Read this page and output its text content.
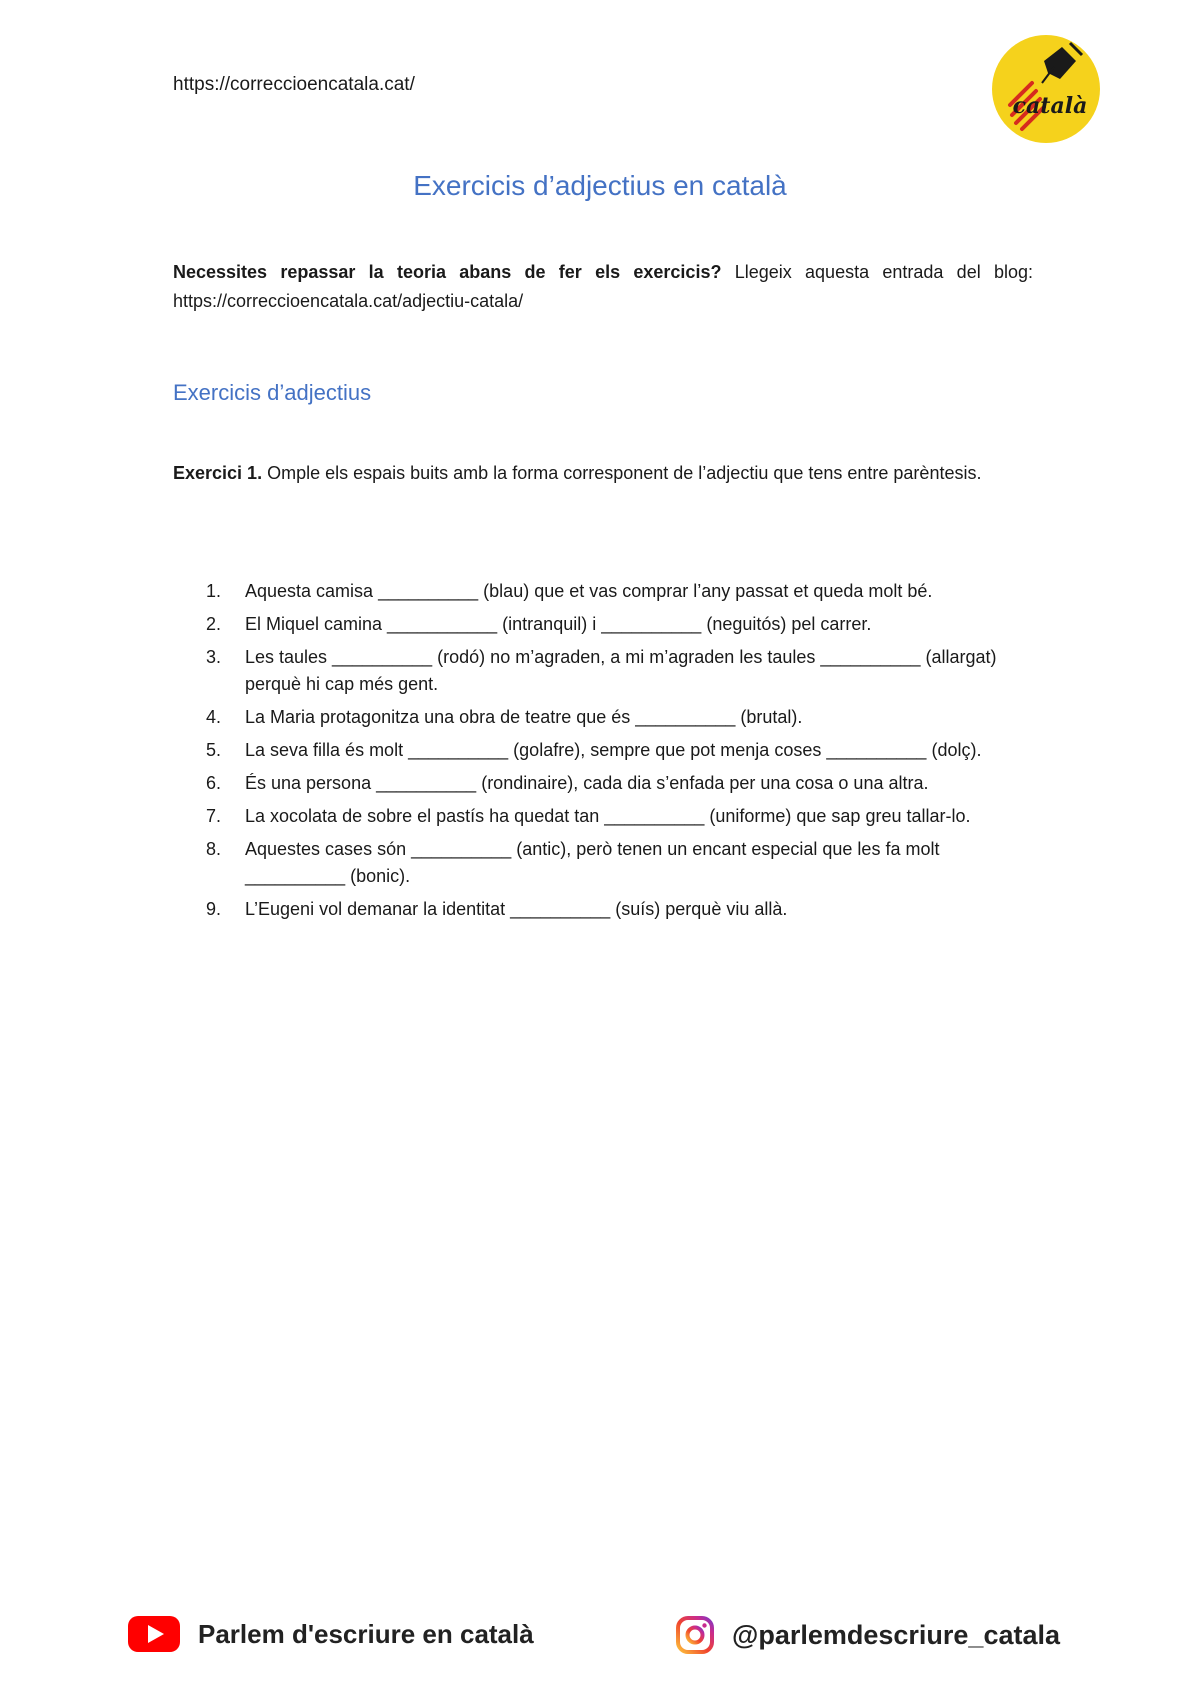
https://correccioencatala.cat/
català
Exercicis d’adjectius en català
Necessites repassar la teoria abans de fer els exercicis? Llegeix aquesta entrada del blog: https://correccioencatala.cat/adjectiu-catala/
Exercicis d’adjectius
Exercici 1. Omple els espais buits amb la forma corresponent de l’adjectiu que tens entre parèntesis.
1. Aquesta camisa __________ (blau) que et vas comprar l’any passat et queda molt bé.
2. El Miquel camina ___________ (intranquil) i __________ (neguitós) pel carrer.
3. Les taules __________ (rodó) no m’agraden, a mi m’agraden les taules __________ (allargat) perquè hi cap més gent.
4. La Maria protagonitza una obra de teatre que és __________ (brutal).
5. La seva filla és molt __________ (golafre), sempre que pot menja coses __________ (dolç).
6. És una persona __________ (rondinaire), cada dia s’enfada per una cosa o una altra.
7. La xocolata de sobre el pastís ha quedat tan __________ (uniforme) que sap greu tallar-lo.
8. Aquestes cases són __________ (antic), però tenen un encant especial que les fa molt __________ (bonic).
9. L’Eugeni vol demanar la identitat __________ (suís) perquè viu allà.
Parlem d'escriure en català	@parlemdescriure_catala
